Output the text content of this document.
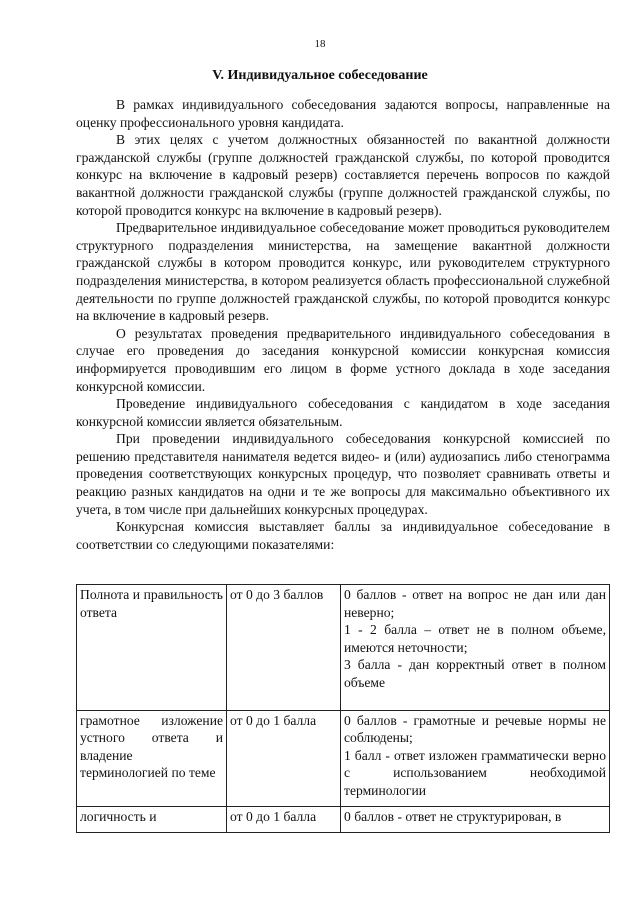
18
V. Индивидуальное собеседование

В рамках индивидуального собеседования задаются вопросы, направленные на оценку профессионального уровня кандидата.

В этих целях с учетом должностных обязанностей по вакантной должности гражданской службы (группе должностей гражданской службы, по которой проводится конкурс на включение в кадровый резерв) составляется перечень вопросов по каждой вакантной должности гражданской службы (группе должностей гражданской службы, по которой проводится конкурс на включение в кадровый резерв).

Предварительное индивидуальное собеседование может проводиться руководителем структурного подразделения министерства, на замещение вакантной должности гражданской службы в котором проводится конкурс, или руководителем структурного подразделения министерства, в котором реализуется область профессиональной служебной деятельности по группе должностей гражданской службы, по которой проводится конкурс на включение в кадровый резерв.

О результатах проведения предварительного индивидуального собеседования в случае его проведения до заседания конкурсной комиссии конкурсная комиссия информируется проводившим его лицом в форме устного доклада в ходе заседания конкурсной комиссии.

Проведение индивидуального собеседования с кандидатом в ходе заседания конкурсной комиссии является обязательным.

При проведении индивидуального собеседования конкурсной комиссией по решению представителя нанимателя ведется видео- и (или) аудиозапись либо стенограмма проведения соответствующих конкурсных процедур, что позволяет сравнивать ответы и реакцию разных кандидатов на одни и те же вопросы для максимально объективного их учета, в том числе при дальнейших конкурсных процедурах.

Конкурсная комиссия выставляет баллы за индивидуальное собеседование в соответствии со следующими показателями:

Полнота и правильность ответа	от 0 до 3 баллов	0 баллов - ответ на вопрос не дан или дан неверно;
1 - 2 балла – ответ не в полном объеме, имеются неточности;
3 балла - дан корректный ответ в полном объеме

грамотное изложение устного ответа и владение терминологией по теме	от 0 до 1 балла	0 баллов - грамотные и речевые нормы не соблюдены;
1 балл - ответ изложен грамматически верно с использованием необходимой терминологии

логичность и	от 0 до 1 балла	0 баллов - ответ не структурирован, в
